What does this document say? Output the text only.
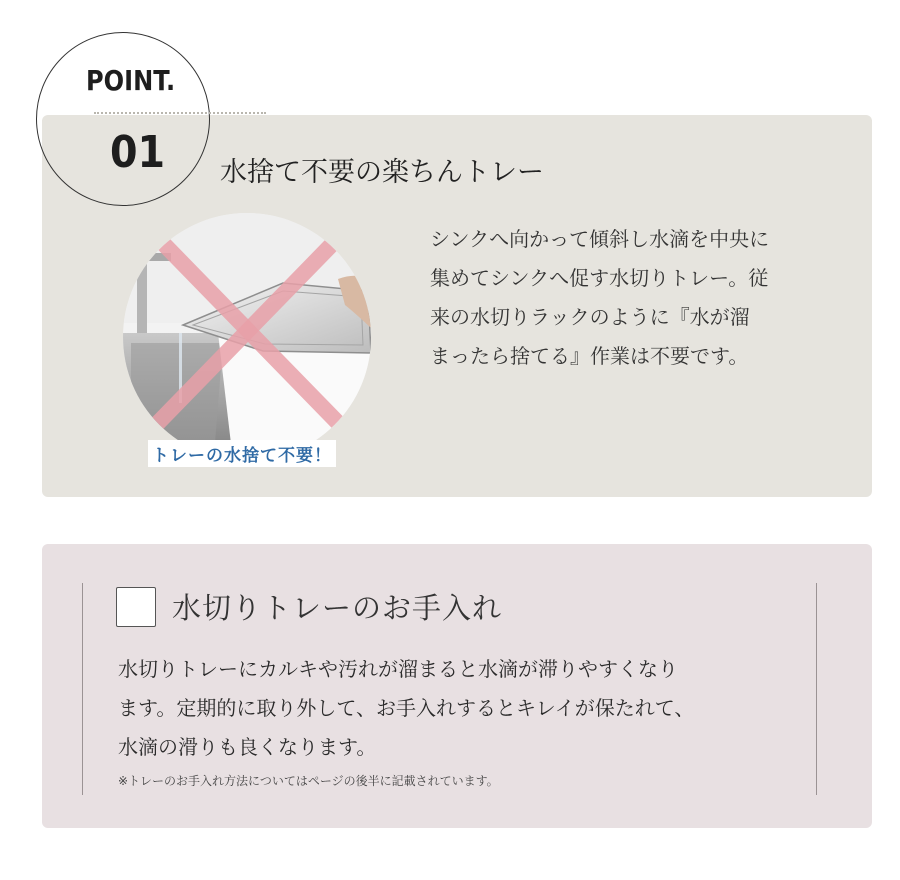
POINT.
01 水捨て不要の楽ちんトレー
シンクへ向かって傾斜し水滴を中央に
集めてシンクへ促す水切りトレー。従
来の水切りラックのように『水が溜
まったら捨てる』作業は不要です。
トレーの水捨て不要！
水切りトレーのお手入れ
水切りトレーにカルキや汚れが溜まると水滴が滞りやすくなり
ます。定期的に取り外して、お手入れするとキレイが保たれて、
水滴の滑りも良くなります。
※トレーのお手入れ方法についてはページの後半に記載されています。
